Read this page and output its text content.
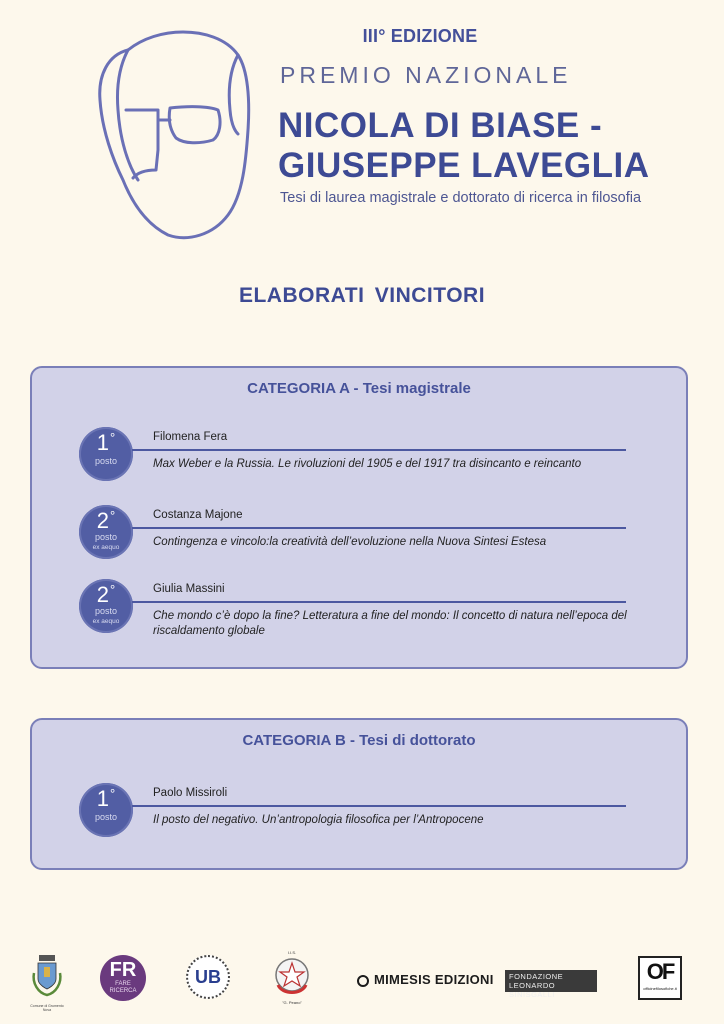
III° EDIZIONE
PREMIO NAZIONALE
NICOLA DI BIASE -
GIUSEPPE LAVEGLIA
Tesi di laurea magistrale e dottorato di ricerca in filosofia
ELABORATI VINCITORI
CATEGORIA A - Tesi magistrale
1°
posto
Filomena Fera
Max Weber e la Russia. Le rivoluzioni del 1905 e del 1917 tra disincanto e reincanto
2°
posto
ex aequo
Costanza Majone
Contingenza e vincolo:la creatività dell’evoluzione nella Nuova Sintesi Estesa
2°
posto
ex aequo
Giulia Massini
Che mondo c’è dopo la fine? Letteratura a fine del mondo: Il concetto di natura nell’epoca del riscaldamento globale
CATEGORIA B - Tesi di dottorato
1°
posto
Paolo Missiroli
Il posto del negativo. Un’antropologia filosofica per l’Antropocene
Comune di Grumento Nova
FR
FARE
RICERCA
UB
I.I.S.
"G. Peano"
MIMESIS EDIZIONI FONDAZIONE
LEONARDO SINISGALLI
OF
officinefilosofiche.it
